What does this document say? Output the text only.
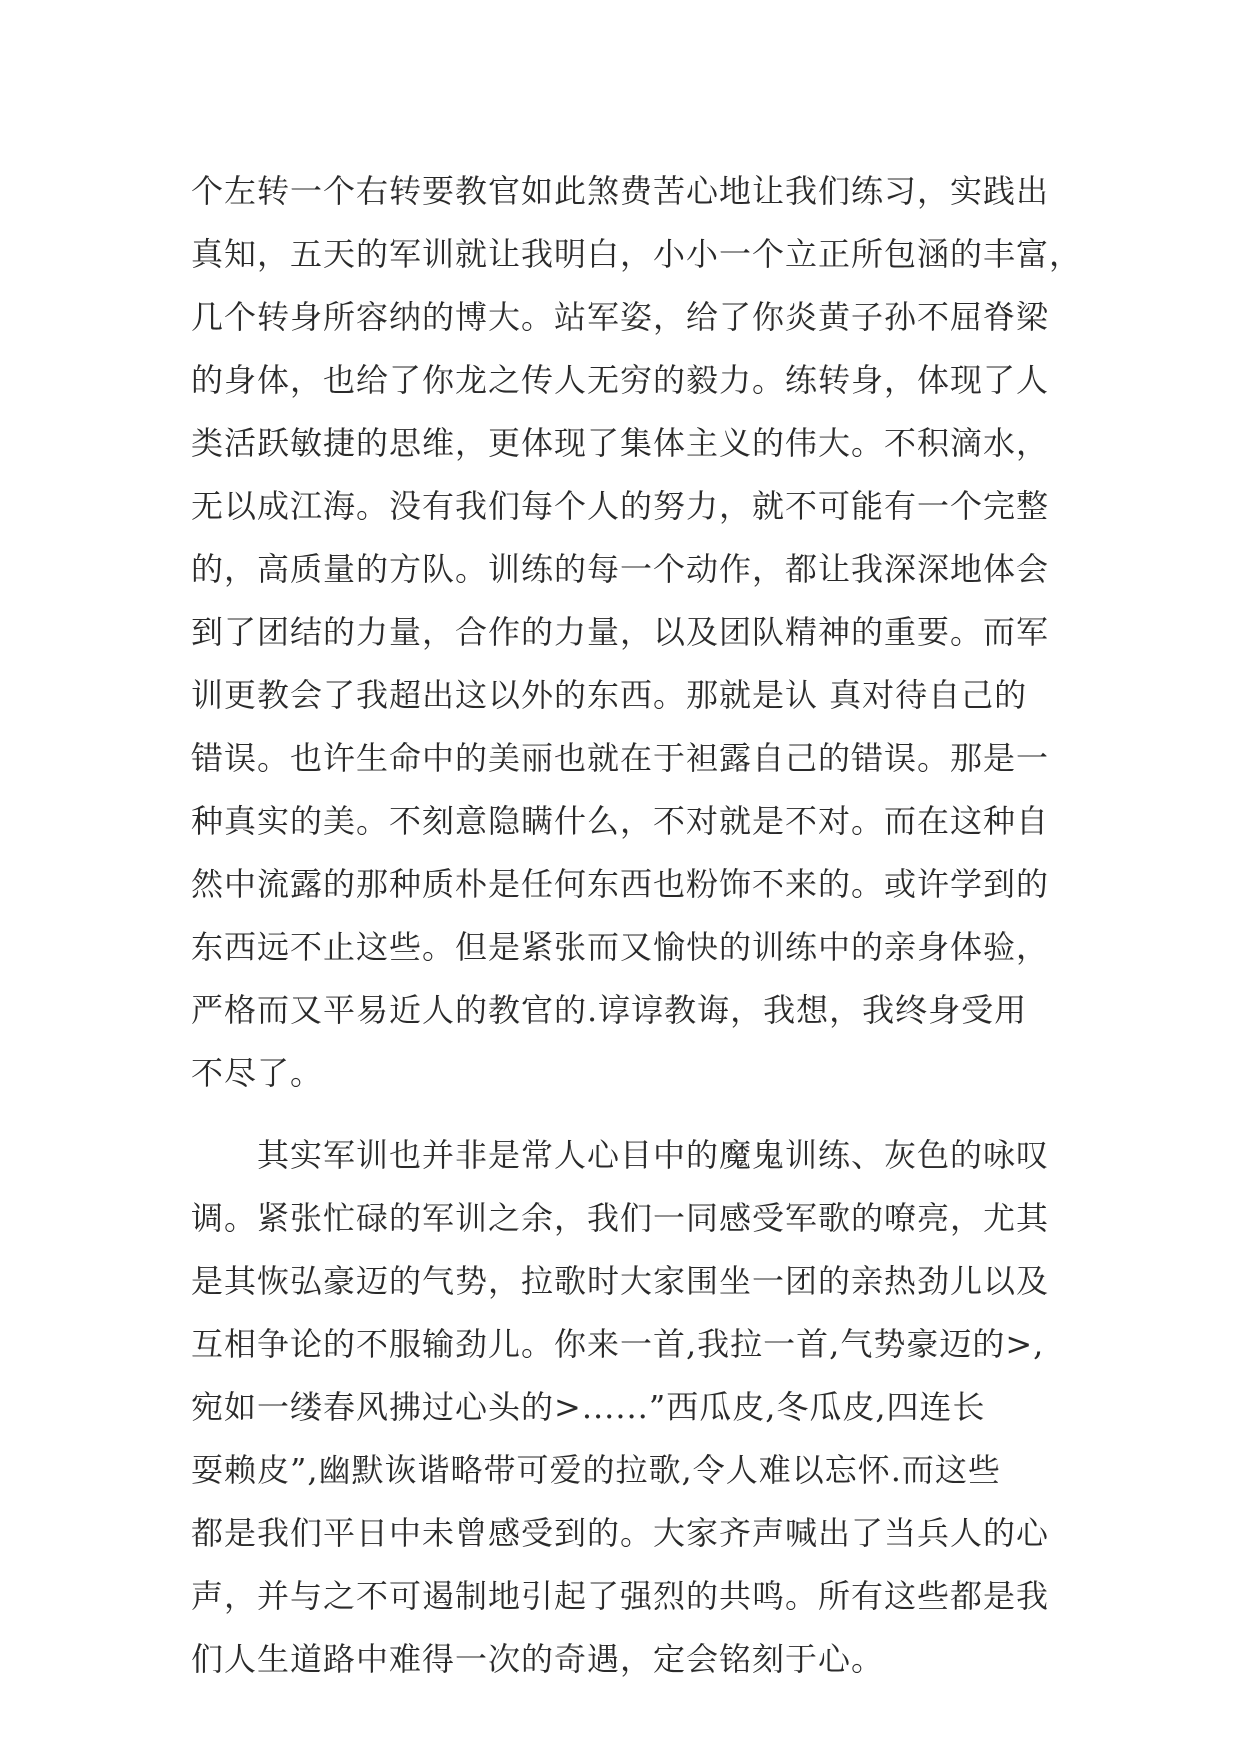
个左转一个右转要教官如此煞费苦心地让我们练习，实践出
真知，五天的军训就让我明白，小小一个立正所包涵的丰富，
几个转身所容纳的博大。站军姿，给了你炎黄子孙不屈脊梁
的身体，也给了你龙之传人无穷的毅力。练转身，体现了人
类活跃敏捷的思维，更体现了集体主义的伟大。不积滴水，
无以成江海。没有我们每个人的努力，就不可能有一个完整
的，高质量的方队。训练的每一个动作，都让我深深地体会
到了团结的力量，合作的力量，以及团队精神的重要。而军
训更教会了我超出这以外的东西。那就是认 真对待自己的
错误。也许生命中的美丽也就在于袒露自己的错误。那是一
种真实的美。不刻意隐瞒什么，不对就是不对。而在这种自
然中流露的那种质朴是任何东西也粉饰不来的。或许学到的
东西远不止这些。但是紧张而又愉快的训练中的亲身体验，
严格而又平易近人的教官的.谆谆教诲，我想，我终身受用
不尽了。
其实军训也并非是常人心目中的魔鬼训练、灰色的咏叹
调。紧张忙碌的军训之余，我们一同感受军歌的嘹亮，尤其
是其恢弘豪迈的气势，拉歌时大家围坐一团的亲热劲儿以及
互相争论的不服输劲儿。你来一首,我拉一首,气势豪迈的>,
宛如一缕春风拂过心头的>......”西瓜皮,冬瓜皮,四连长
耍赖皮”,幽默诙谐略带可爱的拉歌,令人难以忘怀.而这些
都是我们平日中未曾感受到的。大家齐声喊出了当兵人的心
声，并与之不可遏制地引起了强烈的共鸣。所有这些都是我
们人生道路中难得一次的奇遇，定会铭刻于心。
